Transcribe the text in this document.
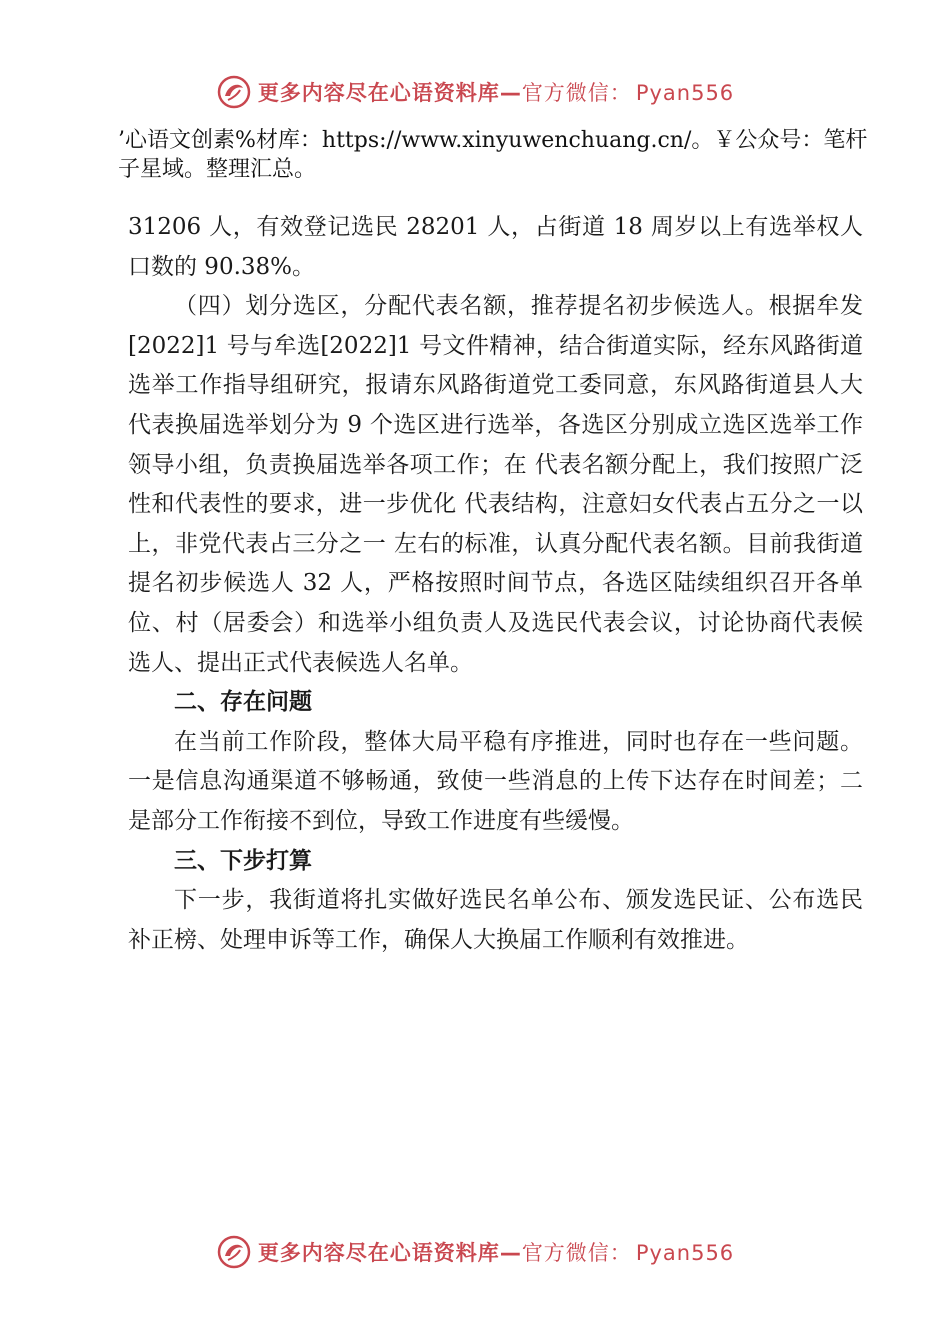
更多内容尽在心语资料库—官方微信： Pyan556
’心语文创素%材库：https://www.xinyuwenchuang.cn/。￥公众号：笔杆子星域。整理汇总。

31206 人，有效登记选民 28201 人，占街道 18 周岁以上有选举权人口数的 90.38%。

（四）划分选区，分配代表名额，推荐提名初步候选人。根据牟发[2022]1 号与牟选[2022]1 号文件精神，结合街道实际，经东风路街道选举工作指导组研究，报请东风路街道党工委同意，东风路街道县人大代表换届选举划分为 9 个选区进行选举，各选区分别成立选区选举工作领导小组，负责换届选举各项工作；在 代表名额分配上，我们按照广泛性和代表性的要求，进一步优化 代表结构，注意妇女代表占五分之一以上，非党代表占三分之一 左右的标准，认真分配代表名额。目前我街道提名初步候选人 32 人，严格按照时间节点，各选区陆续组织召开各单位、村（居委会）和选举小组负责人及选民代表会议，讨论协商代表候选人、提出正式代表候选人名单。

二、存在问题

在当前工作阶段，整体大局平稳有序推进，同时也存在一些问题。一是信息沟通渠道不够畅通，致使一些消息的上传下达存在时间差；二是部分工作衔接不到位，导致工作进度有些缓慢。

三、下步打算

下一步，我街道将扎实做好选民名单公布、颁发选民证、公布选民补正榜、处理申诉等工作，确保人大换届工作顺利有效推进。

更多内容尽在心语资料库—官方微信： Pyan556
